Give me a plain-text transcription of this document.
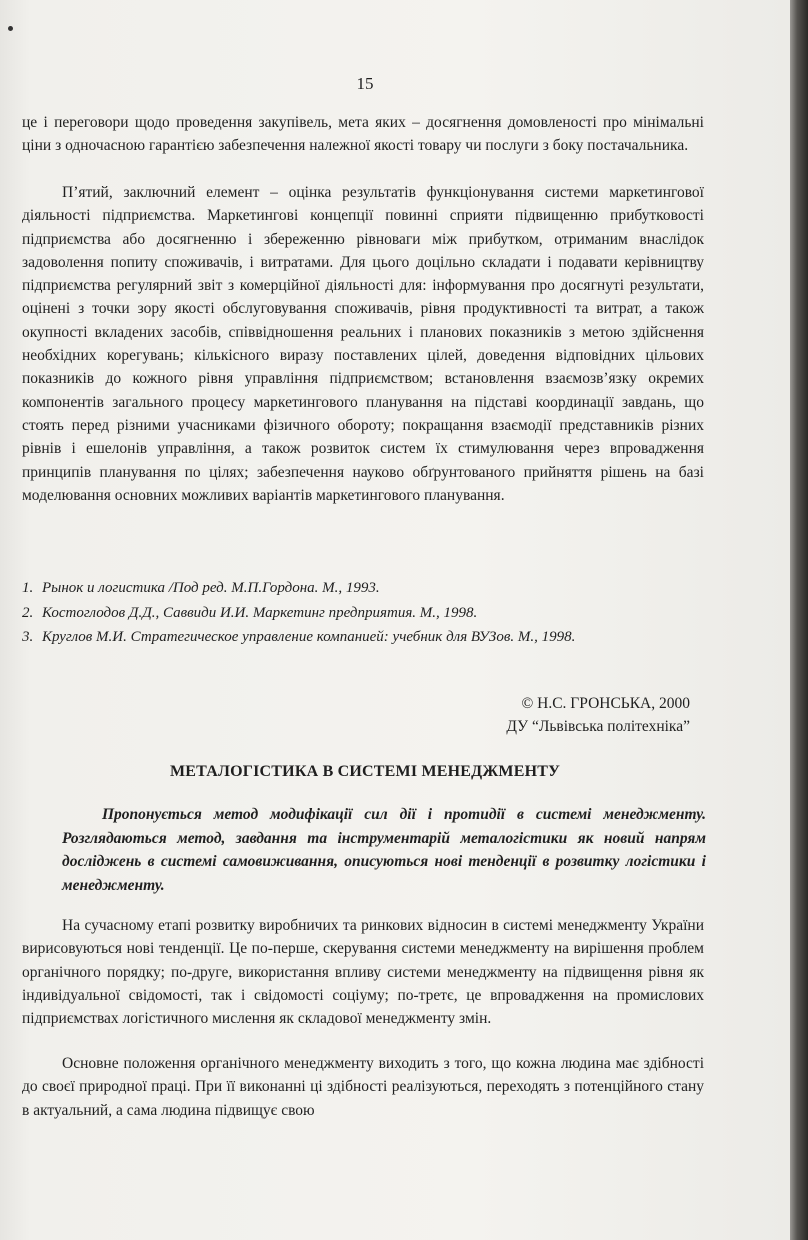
15

це і переговори щодо проведення закупівель, мета яких – досягнення домовленості про мінімальні ціни з одночасною гарантією забезпечення належної якості товару чи послуги з боку постачальника.

П’ятий, заключний елемент – оцінка результатів функціонування системи маркетингової діяльності підприємства. Маркетингові концепції повинні сприяти підвищенню прибутковості підприємства або досягненню і збереженню рівноваги між прибутком, отриманим внаслідок задоволення попиту споживачів, і витратами. Для цього доцільно складати і подавати керівництву підприємства регулярний звіт з комерційної діяльності для: інформування про досягнуті результати, оцінені з точки зору якості обслуговування споживачів, рівня продуктивності та витрат, а також окупності вкладених засобів, співвідношення реальних і планових показників з метою здійснення необхідних корегувань; кількісного виразу поставлених цілей, доведення відповідних цільових показників до кожного рівня управління підприємством; встановлення взаємозв’язку окремих компонентів загального процесу маркетингового планування на підставі координації завдань, що стоять перед різними учасниками фізичного обороту; покращання взаємодії представників різних рівнів і ешелонів управління, а також розвиток систем їх стимулювання через впровадження принципів планування по цілях; забезпечення науково обґрунтованого прийняття рішень на базі моделювання основних можливих варіантів маркетингового планування.

1. Рынок и логистика /Под ред. М.П.Гордона. М., 1993.
2. Костоглодов Д.Д., Саввиди И.И. Маркетинг предприятия. М., 1998.
3. Круглов М.И. Стратегическое управление компанией: учебник для ВУЗов. М., 1998.
© Н.С. ГРОНСЬКА, 2000
ДУ “Львівська політехніка”
МЕТАЛОГІСТИКА В СИСТЕМІ МЕНЕДЖМЕНТУ

Пропонується метод модифікації сил дії і протидії в системі менеджменту. Розглядаються метод, завдання та інструментарій металогістики як новий напрям досліджень в системі самовиживання, описуються нові тенденції в розвитку логістики і менеджменту.

На сучасному етапі розвитку виробничих та ринкових відносин в системі менеджменту України вирисовуються нові тенденції. Це по-перше, скерування системи менеджменту на вирішення проблем органічного порядку; по-друге, використання впливу системи менеджменту на підвищення рівня як індивідуальної свідомості, так і свідомості соціуму; по-третє, це впровадження на промислових підприємствах логістичного мислення як складової менеджменту змін.

Основне положення органічного менеджменту виходить з того, що кожна людина має здібності до своєї природної праці. При її виконанні ці здібності реалізуються, переходять з потенційного стану в актуальний, а сама людина підвищує свою
